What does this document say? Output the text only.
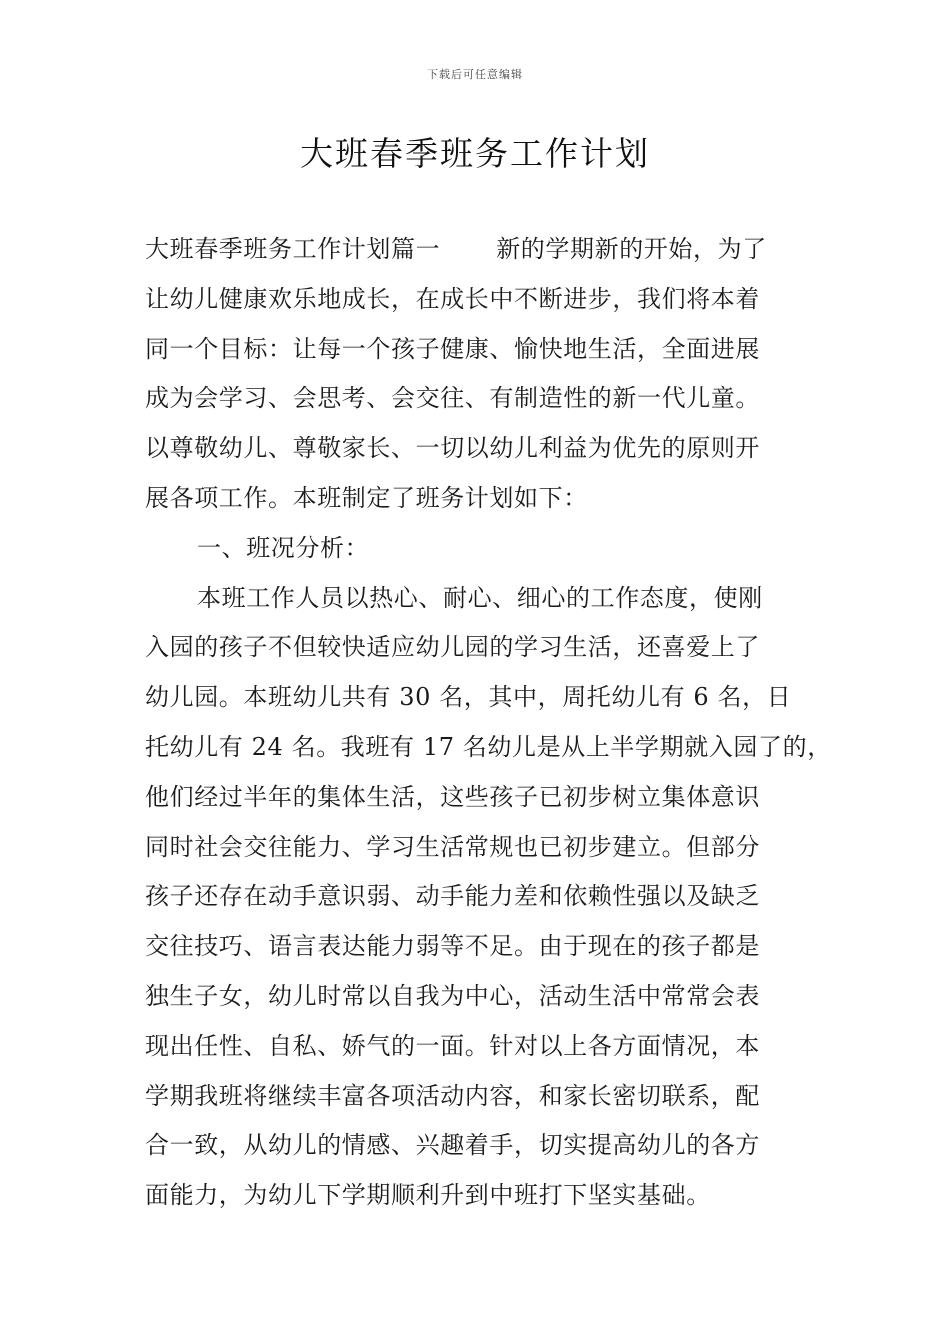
下载后可任意编辑
大班春季班务工作计划
大班春季班务工作计划篇一 新的学期新的开始，为了
让幼儿健康欢乐地成长，在成长中不断进步，我们将本着
同一个目标：让每一个孩子健康、愉快地生活，全面进展
成为会学习、会思考、会交往、有制造性的新一代儿童。
以尊敬幼儿、尊敬家长、一切以幼儿利益为优先的原则开
展各项工作。本班制定了班务计划如下：
一、班况分析：
本班工作人员以热心、耐心、细心的工作态度，使刚
入园的孩子不但较快适应幼儿园的学习生活，还喜爱上了
幼儿园。本班幼儿共有 30 名，其中，周托幼儿有 6 名，日
托幼儿有 24 名。我班有 17 名幼儿是从上半学期就入园了的，
他们经过半年的集体生活，这些孩子已初步树立集体意识
同时社会交往能力、学习生活常规也已初步建立。但部分
孩子还存在动手意识弱、动手能力差和依赖性强以及缺乏
交往技巧、语言表达能力弱等不足。由于现在的孩子都是
独生子女，幼儿时常以自我为中心，活动生活中常常会表
现出任性、自私、娇气的一面。针对以上各方面情况，本
学期我班将继续丰富各项活动内容，和家长密切联系，配
合一致，从幼儿的情感、兴趣着手，切实提高幼儿的各方
面能力，为幼儿下学期顺利升到中班打下坚实基础。
